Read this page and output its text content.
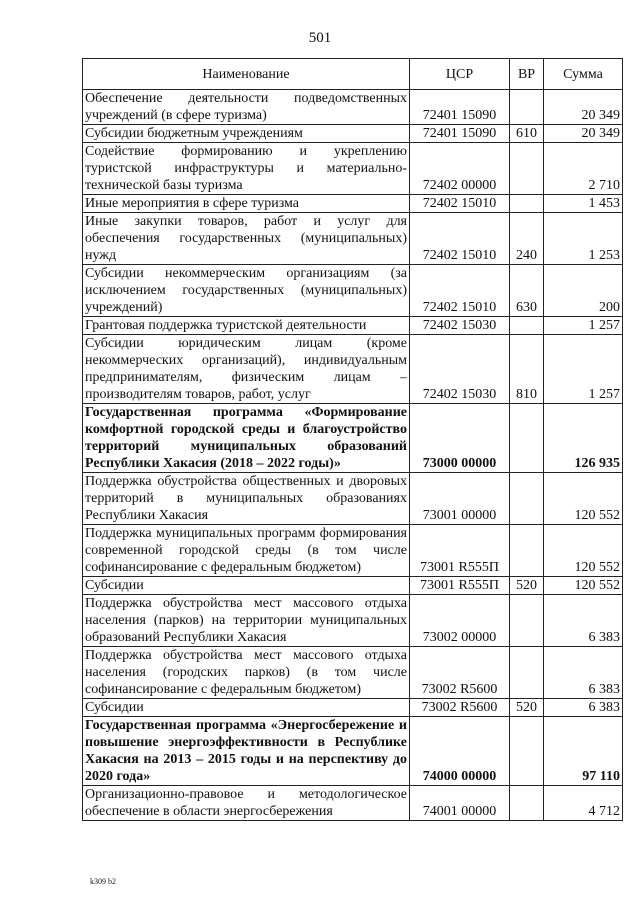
501
Наименование	ЦСР	ВР	Сумма
Обеспечение деятельности подведомственных учреждений (в сфере туризма)	72401 15090		20 349
Субсидии бюджетным учреждениям	72401 15090	610	20 349
Содействие формированию и укреплению туристской инфраструктуры и материально-технической базы туризма	72402 00000		2 710
Иные мероприятия в сфере туризма	72402 15010		1 453
Иные закупки товаров, работ и услуг для обеспечения государственных (муниципальных) нужд	72402 15010	240	1 253
Субсидии некоммерческим организациям (за исключением государственных (муниципальных) учреждений)	72402 15010	630	200
Грантовая поддержка туристской деятельности	72402 15030		1 257
Субсидии юридическим лицам (кроме некоммерческих организаций), индивидуальным предпринимателям, физическим лицам – производителям товаров, работ, услуг	72402 15030	810	1 257
Государственная программа «Формирование комфортной городской среды и благоустройство территорий муниципальных образований Республики Хакасия (2018 – 2022 годы)»	73000 00000		126 935
Поддержка обустройства общественных и дворовых территорий в муниципальных образованиях Республики Хакасия	73001 00000		120 552
Поддержка муниципальных программ формирования современной городской среды (в том числе софинансирование с федеральным бюджетом)	73001 R555П		120 552
Субсидии	73001 R555П	520	120 552
Поддержка обустройства мест массового отдыха населения (парков) на территории муниципальных образований Республики Хакасия	73002 00000		6 383
Поддержка обустройства мест массового отдыха населения (городских парков) (в том числе софинансирование с федеральным бюджетом)	73002 R5600		6 383
Субсидии	73002 R5600	520	6 383
Государственная программа «Энергосбережение и повышение энергоэффективности в Республике Хакасия на 2013 – 2015 годы и на перспективу до 2020 года»	74000 00000		97 110
Организационно-правовое и методологическое обеспечение в области энергосбережения	74001 00000		4 712
k309 b2
